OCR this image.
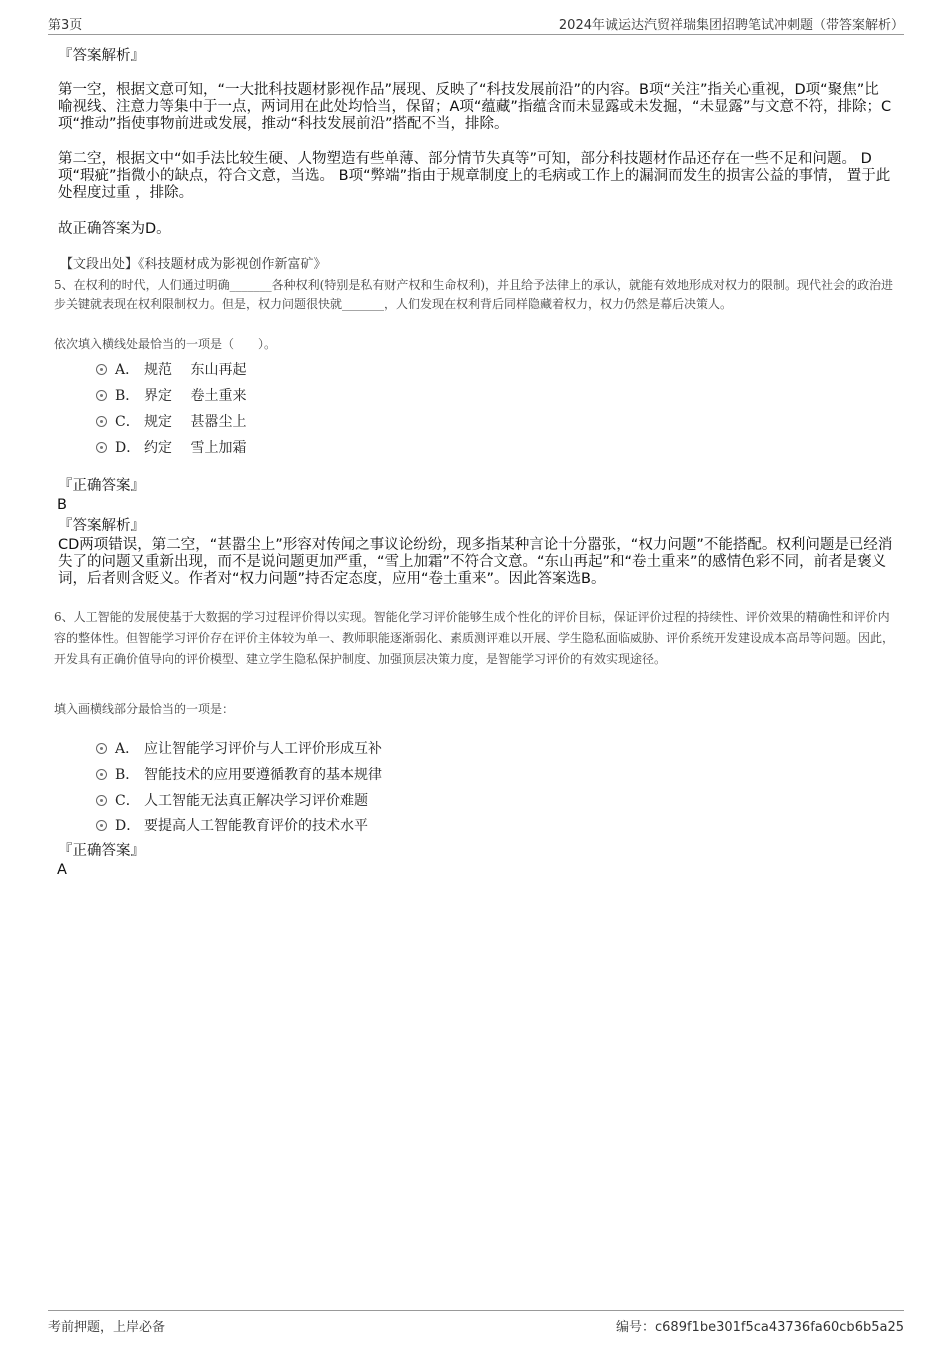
第3页	2024年诚运达汽贸祥瑞集团招聘笔试冲刺题（带答案解析）
『答案解析』
第一空，根据文意可知，“一大批科技题材影视作品”展现、反映了“科技发展前沿”的内容。B项“关注”指关心重视，D项“聚焦”比喻视线、注意力等集中于一点，两词用在此处均恰当，保留；A项“蕴藏”指蕴含而未显露或未发掘，“未显露”与文意不符，排除；C项“推动”指使事物前进或发展，推动“科技发展前沿”搭配不当，排除。
第二空，根据文中“如手法比较生硬、人物塑造有些单薄、部分情节失真等”可知，部分科技题材作品还存在一些不足和问题。 D项“瑕疵”指微小的缺点，符合文意，当选。 B项“弊端”指由于规章制度上的毛病或工作上的漏洞而发生的损害公益的事情， 置于此处程度过重 ，排除。
故正确答案为D。
【文段出处】《科技题材成为影视创作新富矿》
5、在权利的时代，人们通过明确_______各种权利(特别是私有财产权和生命权利)，并且给予法律上的承认，就能有效地形成对权力的限制。现代社会的政治进步关键就表现在权利限制权力。但是，权力问题很快就_______，人们发现在权利背后同样隐藏着权力，权力仍然是幕后决策人。
依次填入横线处最恰当的一项是（　　）。
A． 规范　 东山再起
B． 界定　 卷土重来
C． 规定　 甚嚣尘上
D． 约定　 雪上加霜
『正确答案』
B
『答案解析』
CD两项错误，第二空，“甚嚣尘上”形容对传闻之事议论纷纷，现多指某种言论十分嚣张，“权力问题”不能搭配。权利问题是已经消失了的问题又重新出现，而不是说问题更加严重，“雪上加霜”不符合文意。“东山再起”和“卷土重来”的感情色彩不同，前者是褒义词，后者则含贬义。作者对“权力问题”持否定态度，应用“卷土重来”。因此答案选B。
6、人工智能的发展使基于大数据的学习过程评价得以实现。智能化学习评价能够生成个性化的评价目标，保证评价过程的持续性、评价效果的精确性和评价内容的整体性。但智能学习评价存在评价主体较为单一、教师职能逐渐弱化、素质测评难以开展、学生隐私面临威胁、评价系统开发建设成本高昂等问题。因此，开发具有正确价值导向的评价模型、建立学生隐私保护制度、加强顶层决策力度，是智能学习评价的有效实现途径。
填入画横线部分最恰当的一项是：
A． 应让智能学习评价与人工评价形成互补
B． 智能技术的应用要遵循教育的基本规律
C． 人工智能无法真正解决学习评价难题
D． 要提高人工智能教育评价的技术水平
『正确答案』
A
考前押题，上岸必备	编号：c689f1be301f5ca43736fa60cb6b5a25
